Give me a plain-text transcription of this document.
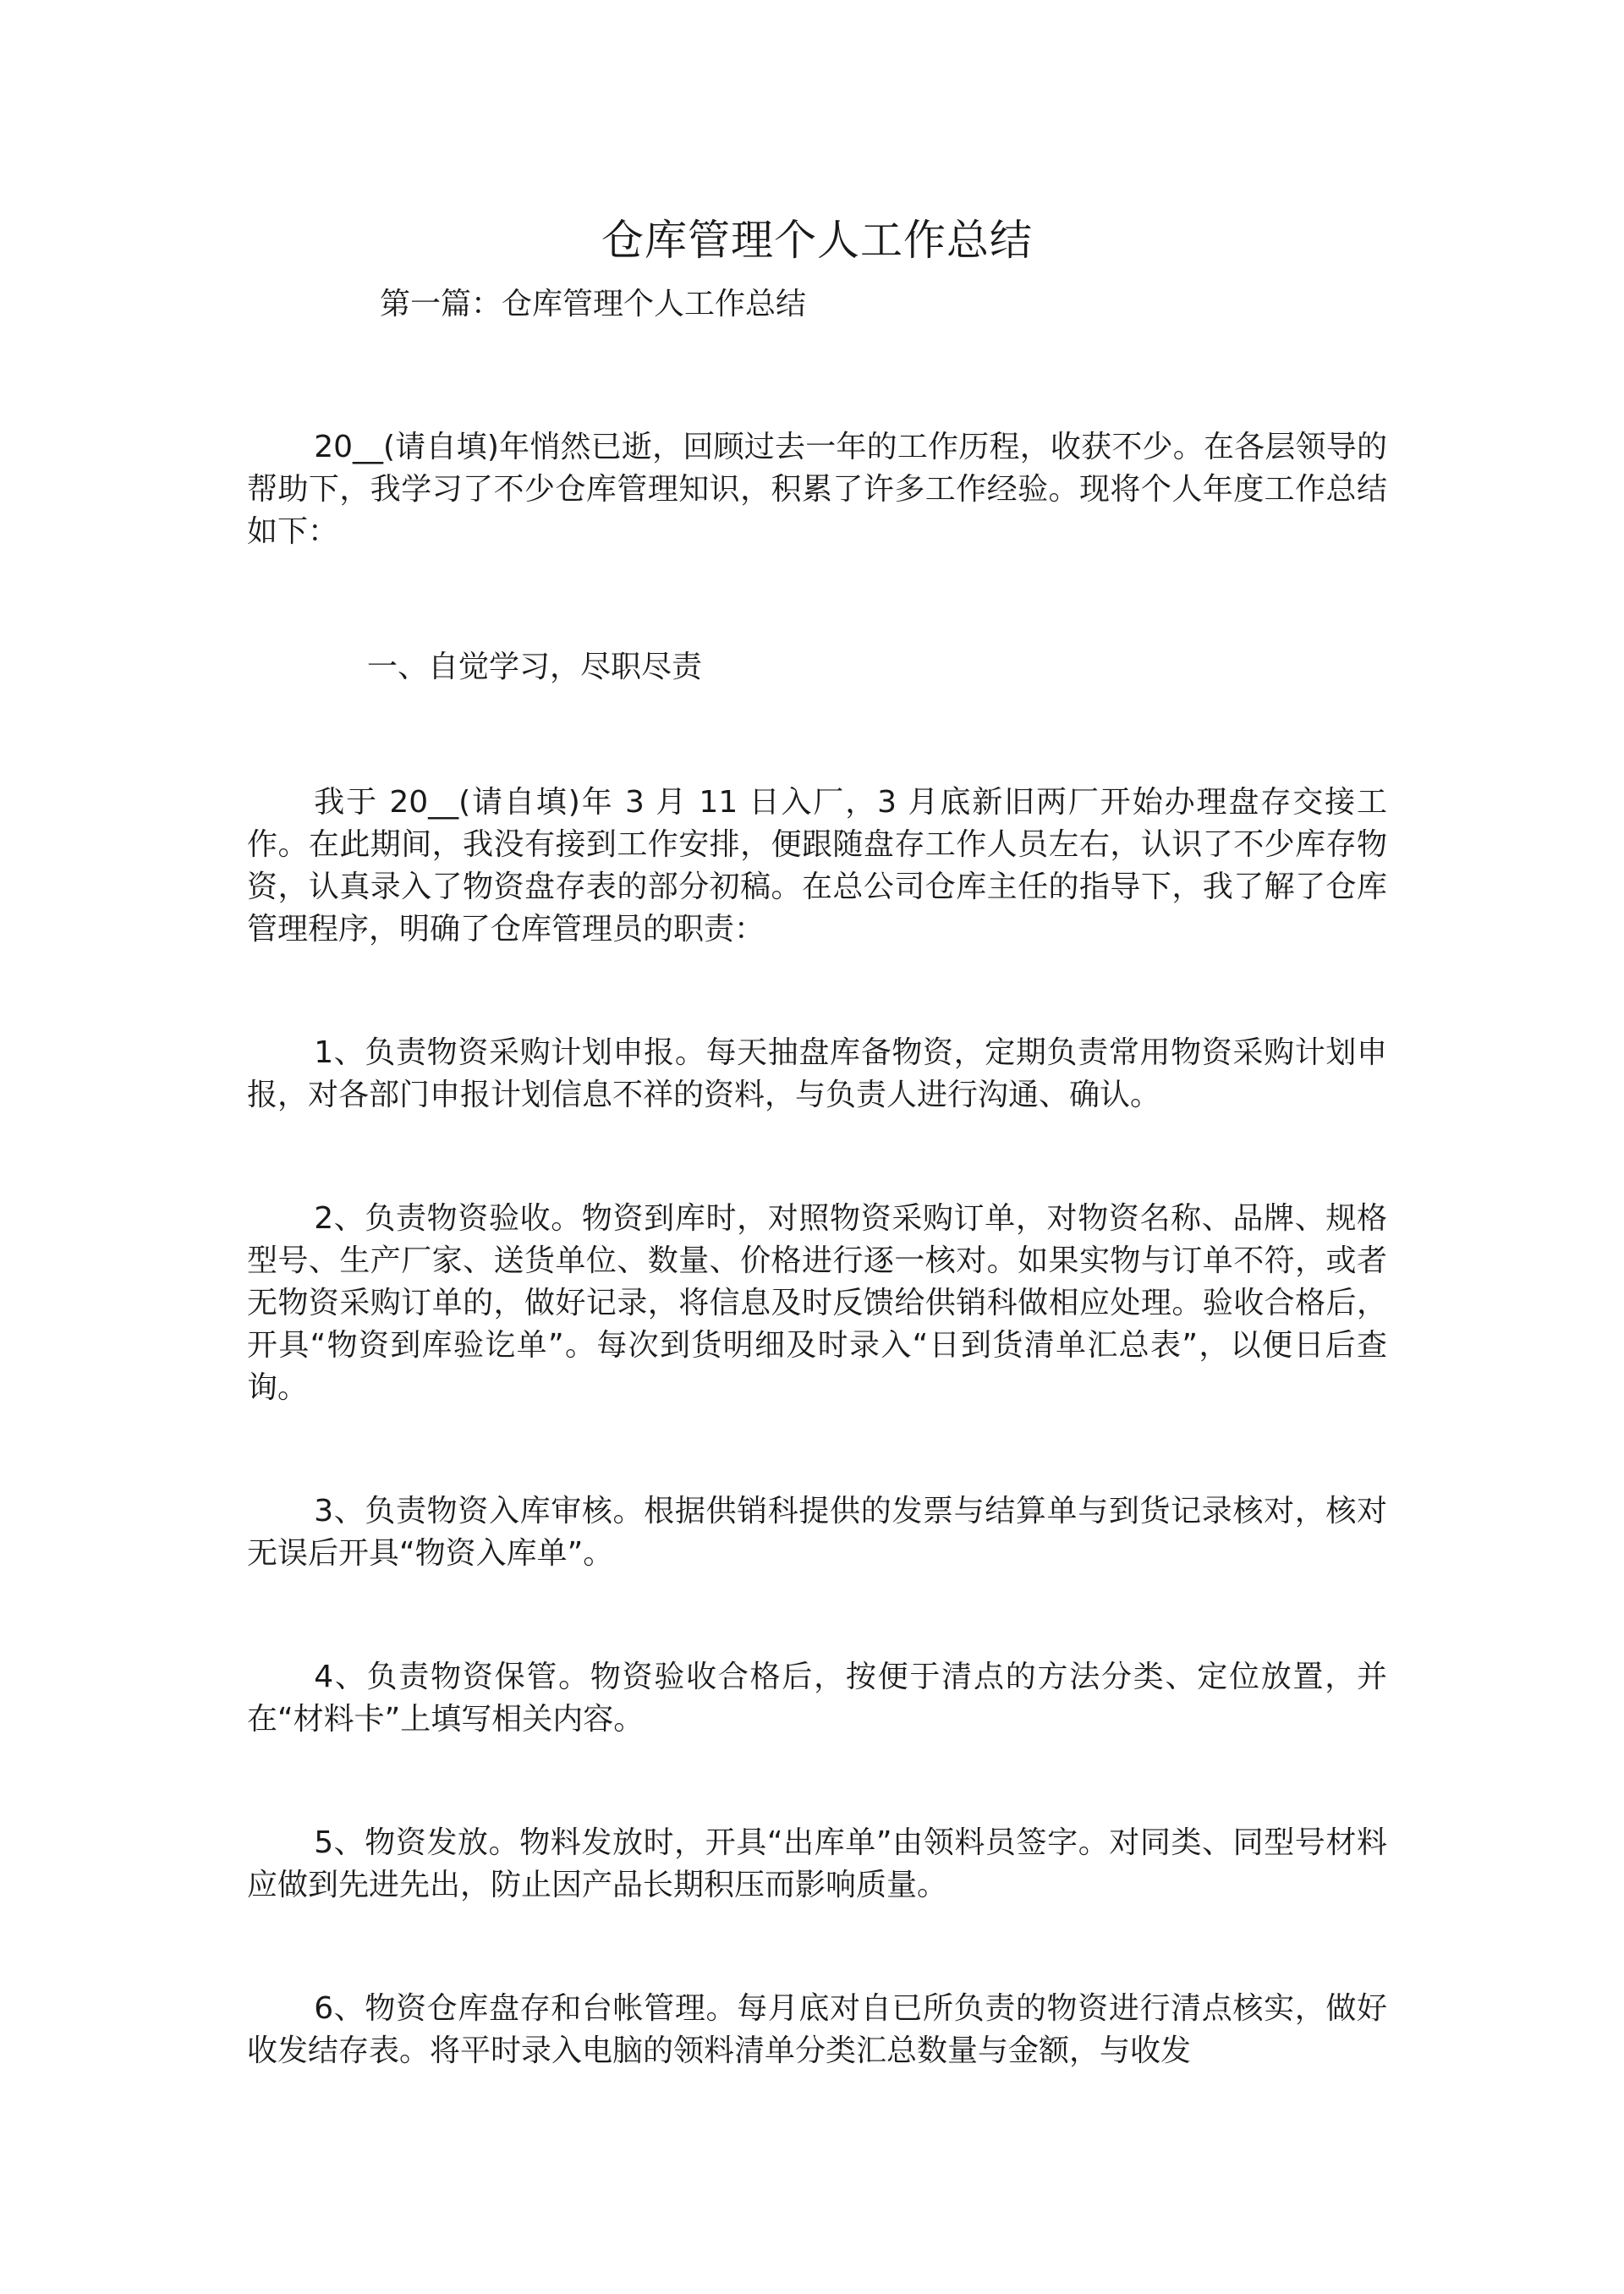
仓库管理个人工作总结

第一篇：仓库管理个人工作总结

20__(请自填)年悄然已逝，回顾过去一年的工作历程，收获不少。在各层领导的帮助下，我学习了不少仓库管理知识，积累了许多工作经验。现将个人年度工作总结如下：

一、自觉学习，尽职尽责

我于 20__(请自填)年 3 月 11 日入厂，3 月底新旧两厂开始办理盘存交接工作。在此期间，我没有接到工作安排，便跟随盘存工作人员左右，认识了不少库存物资，认真录入了物资盘存表的部分初稿。在总公司仓库主任的指导下，我了解了仓库管理程序，明确了仓库管理员的职责：

1、负责物资采购计划申报。每天抽盘库备物资，定期负责常用物资采购计划申报，对各部门申报计划信息不祥的资料，与负责人进行沟通、确认。

2、负责物资验收。物资到库时，对照物资采购订单，对物资名称、品牌、规格型号、生产厂家、送货单位、数量、价格进行逐一核对。如果实物与订单不符，或者无物资采购订单的，做好记录，将信息及时反馈给供销科做相应处理。验收合格后，开具“物资到库验讫单”。每次到货明细及时录入“日到货清单汇总表”，以便日后查询。

3、负责物资入库审核。根据供销科提供的发票与结算单与到货记录核对，核对无误后开具“物资入库单”。

4、负责物资保管。物资验收合格后，按便于清点的方法分类、定位放置，并在“材料卡”上填写相关内容。

5、物资发放。物料发放时，开具“出库单”由领料员签字。对同类、同型号材料应做到先进先出，防止因产品长期积压而影响质量。

6、物资仓库盘存和台帐管理。每月底对自已所负责的物资进行清点核实，做好收发结存表。将平时录入电脑的领料清单分类汇总数量与金额，与收发
